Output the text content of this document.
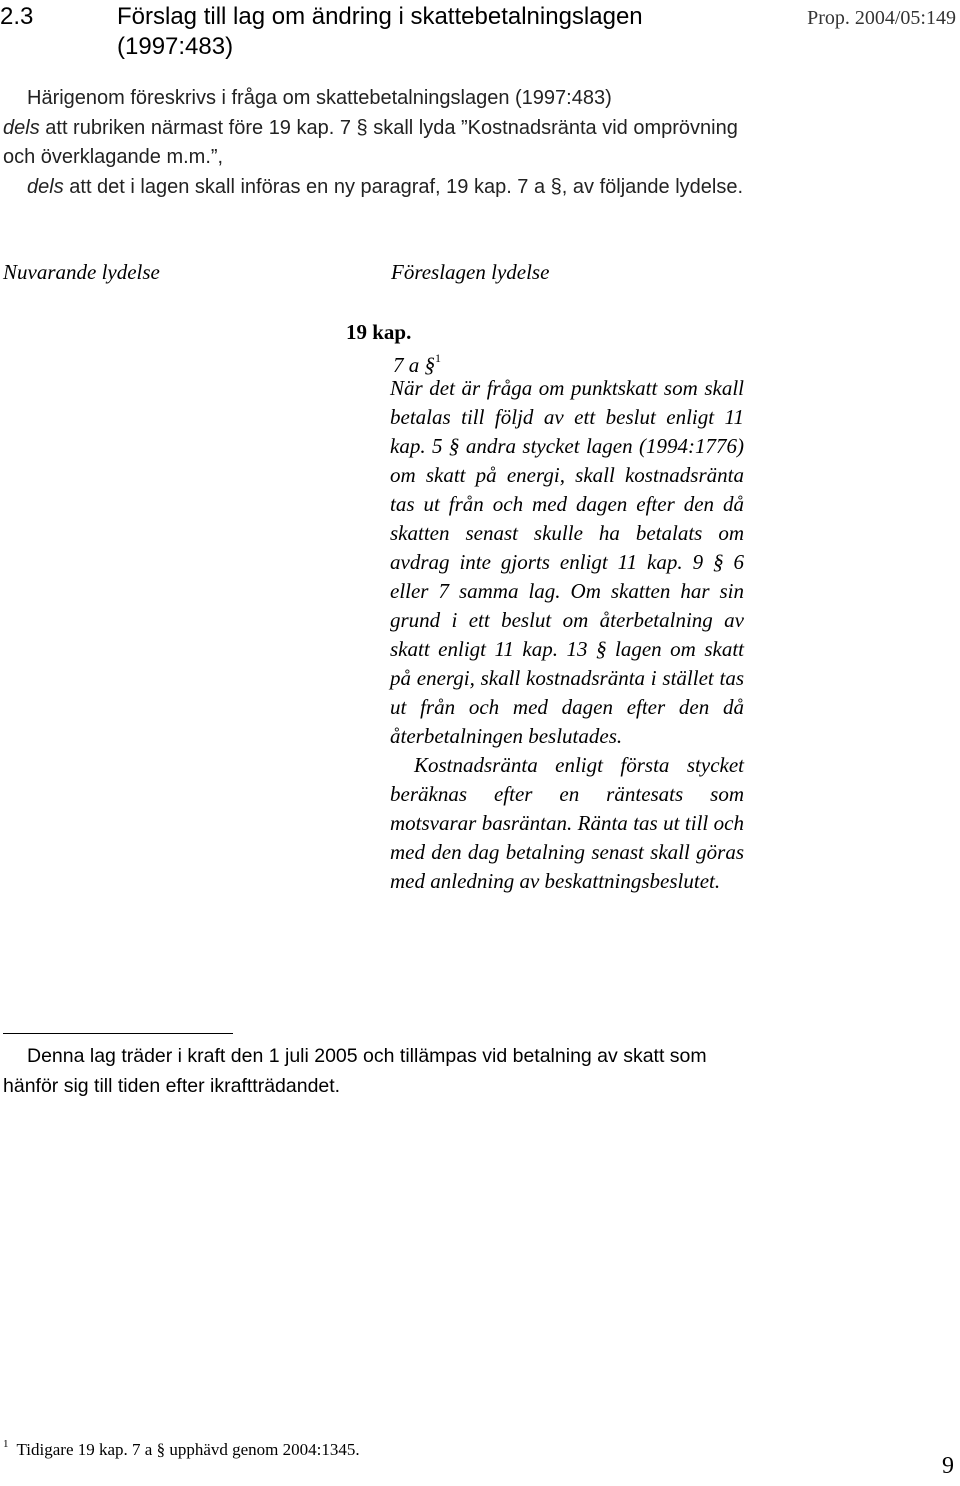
2.3	Förslag till lag om ändring i skattebetalningslagen (1997:483)
Prop. 2004/05:149

Härigenom föreskrivs i fråga om skattebetalningslagen (1997:483)

dels att rubriken närmast före 19 kap. 7 § skall lyda ”Kostnadsränta vid omprövning och överklagande m.m.”,

dels att det i lagen skall införas en ny paragraf, 19 kap. 7 a §, av följande lydelse.

Nuvarande lydelse	Föreslagen lydelse
19 kap.
7 a §$^1$

När det är fråga om punktskatt som skall betalas till följd av ett beslut enligt 11 kap. 5 § andra stycket lagen (1994:1776) om skatt på energi, skall kostnadsränta tas ut från och med dagen efter den då skatten senast skulle ha betalats om avdrag inte gjorts enligt 11 kap. 9 § 6 eller 7 samma lag. Om skatten har sin grund i ett beslut om återbetalning av skatt enligt 11 kap. 13 § lagen om skatt på energi, skall kostnadsränta i stället tas ut från och med dagen efter den då återbetalningen beslutades.

Kostnadsränta enligt första stycket beräknas efter en räntesats som motsvarar basräntan. Ränta tas ut till och med den dag betalning senast skall göras med anledning av beskattningsbeslutet.

Denna lag träder i kraft den 1 juli 2005 och tillämpas vid betalning av skatt som hänför sig till tiden efter ikraftträdandet.

$^1$ Tidigare 19 kap. 7 a § upphävd genom 2004:1345.
9
